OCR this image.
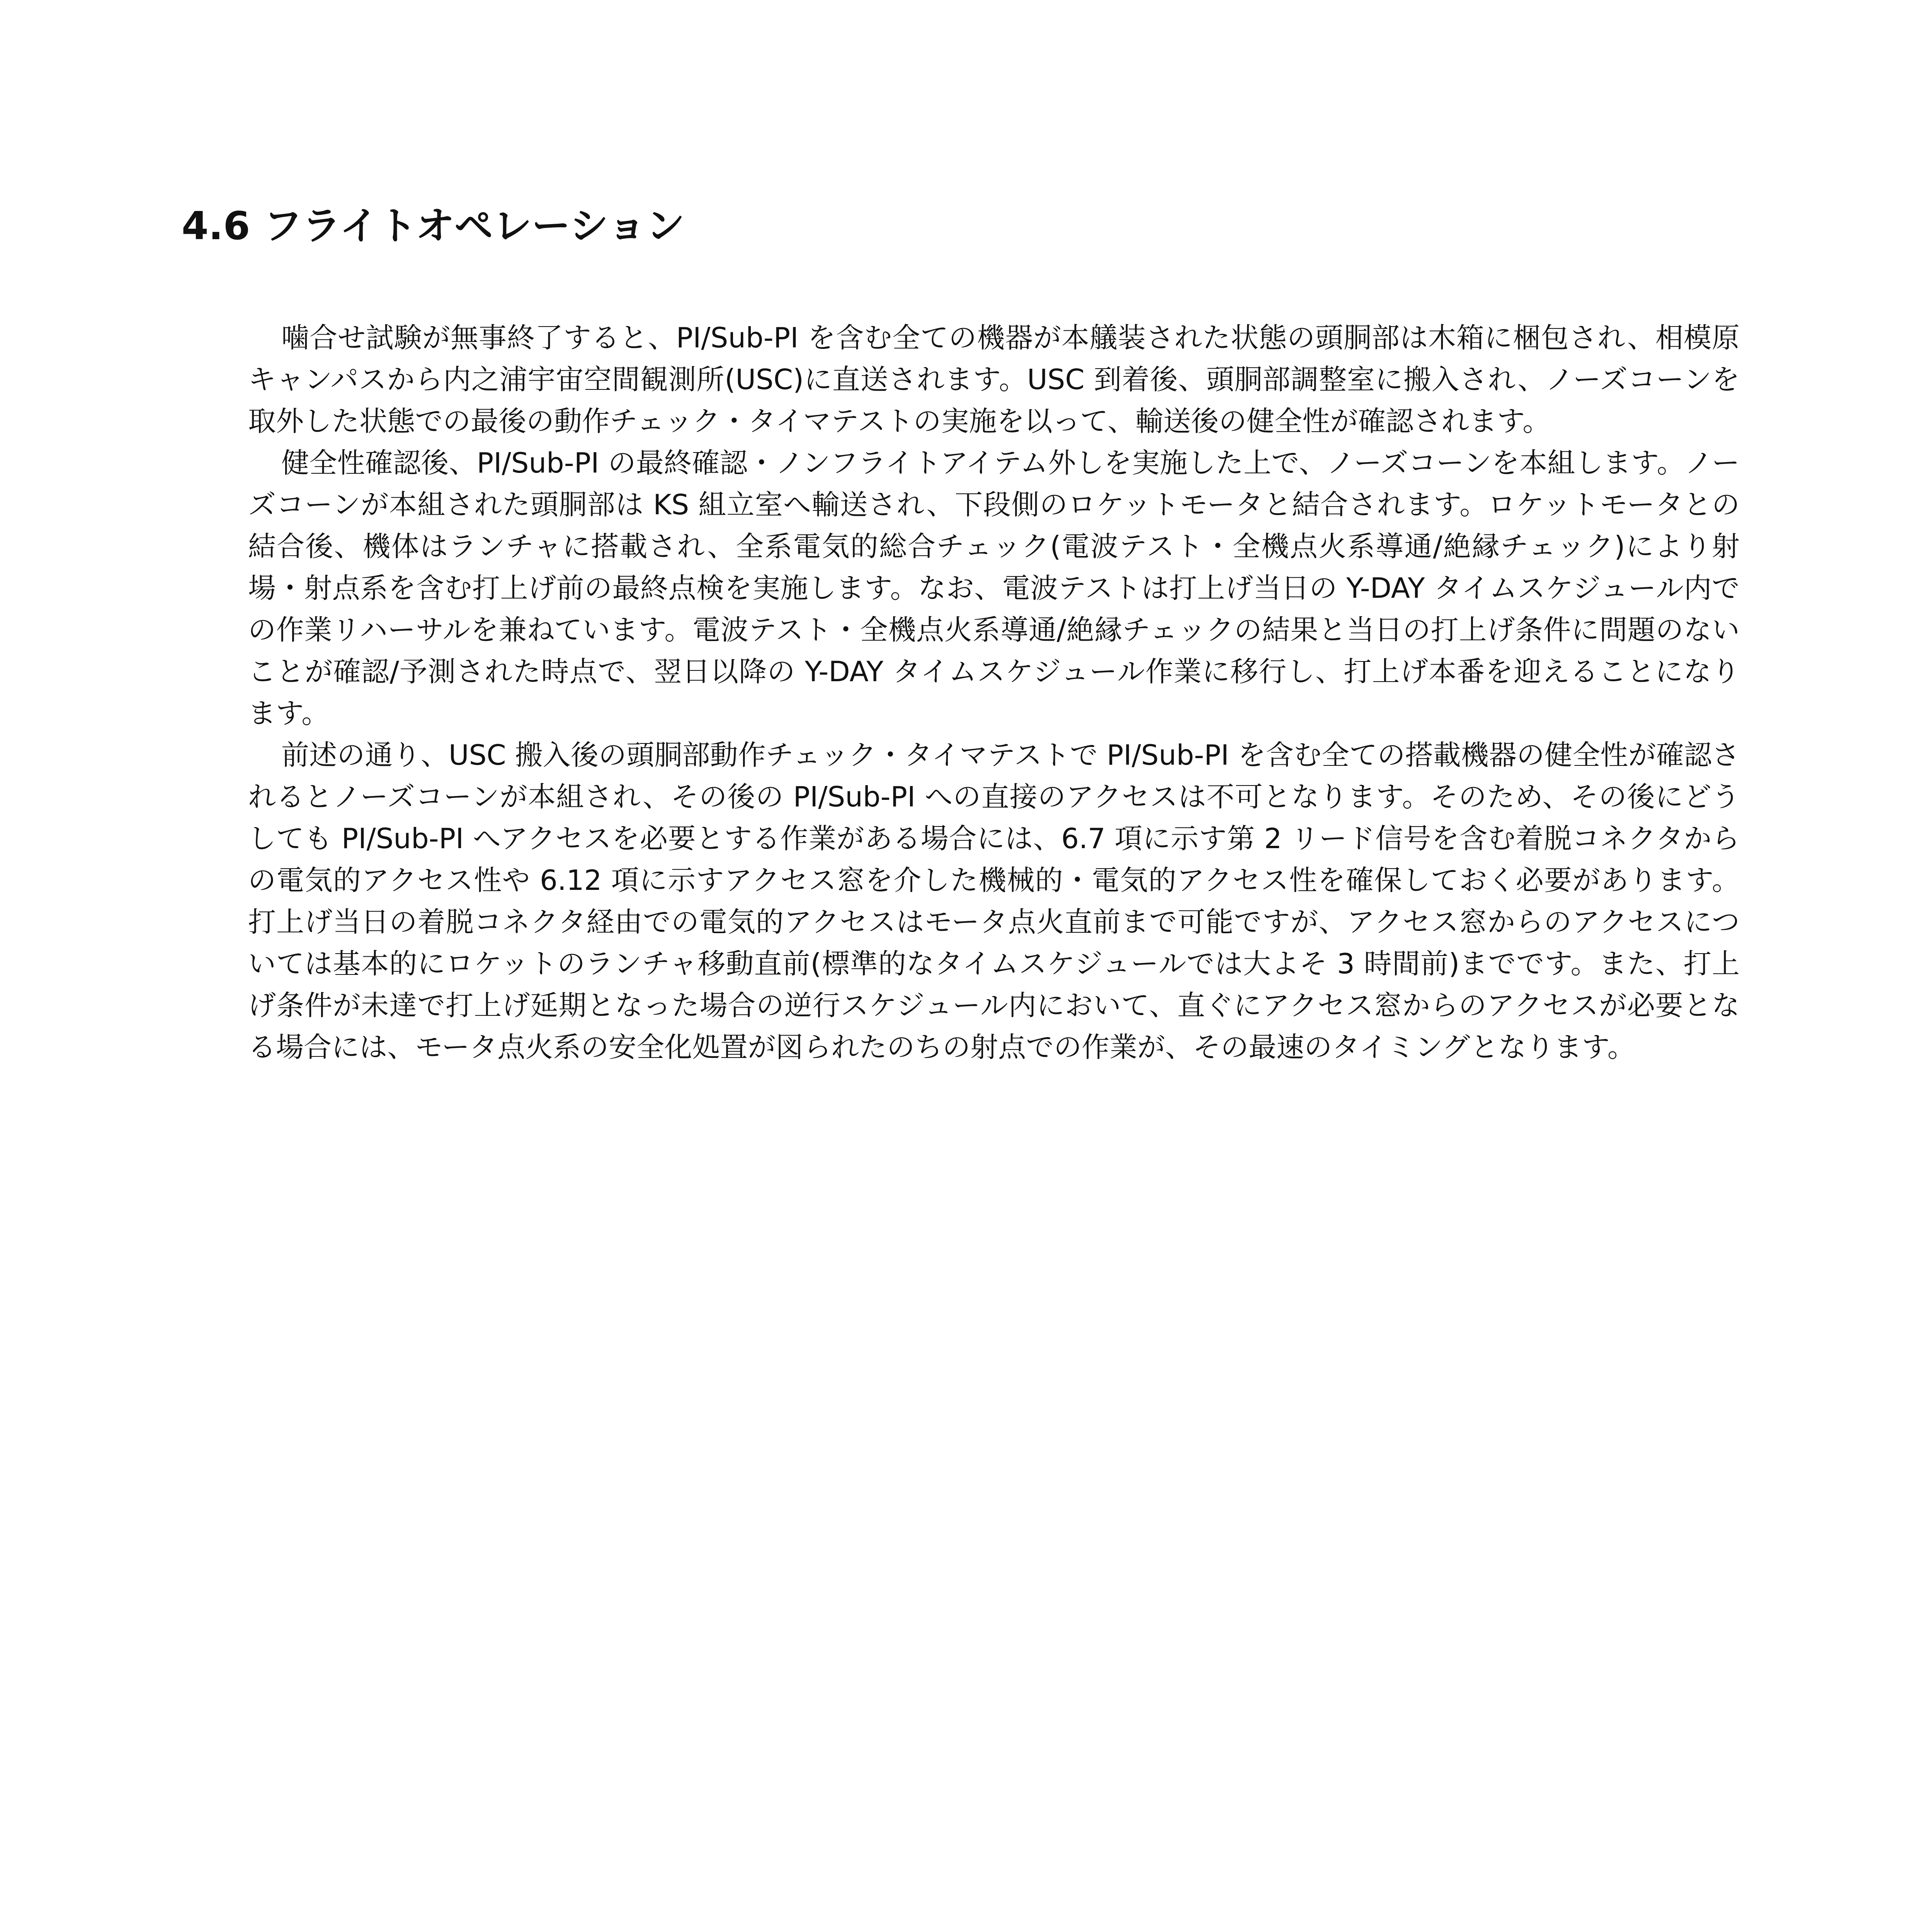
4.6 フライトオペレーション

噛合せ試験が無事終了すると、PI/Sub-PI を含む全ての機器が本艤装された状態の頭胴部は木箱に梱包され、相模原キャンパスから内之浦宇宙空間観測所(USC)に直送されます。USC 到着後、頭胴部調整室に搬入され、ノーズコーンを取外した状態での最後の動作チェック・タイマテストの実施を以って、輸送後の健全性が確認されます。

健全性確認後、PI/Sub-PI の最終確認・ノンフライトアイテム外しを実施した上で、ノーズコーンを本組します。ノーズコーンが本組された頭胴部は KS 組立室へ輸送され、下段側のロケットモータと結合されます。ロケットモータとの結合後、機体はランチャに搭載され、全系電気的総合チェック(電波テスト・全機点火系導通/絶縁チェック)により射場・射点系を含む打上げ前の最終点検を実施します。なお、電波テストは打上げ当日の Y-DAY タイムスケジュール内での作業リハーサルを兼ねています。電波テスト・全機点火系導通/絶縁チェックの結果と当日の打上げ条件に問題のないことが確認/予測された時点で、翌日以降の Y-DAY タイムスケジュール作業に移行し、打上げ本番を迎えることになります。

前述の通り、USC 搬入後の頭胴部動作チェック・タイマテストで PI/Sub-PI を含む全ての搭載機器の健全性が確認されるとノーズコーンが本組され、その後の PI/Sub-PI への直接のアクセスは不可となります。そのため、その後にどうしても PI/Sub-PI へアクセスを必要とする作業がある場合には、6.7 項に示す第 2 リード信号を含む着脱コネクタからの電気的アクセス性や 6.12 項に示すアクセス窓を介した機械的・電気的アクセス性を確保しておく必要があります。打上げ当日の着脱コネクタ経由での電気的アクセスはモータ点火直前まで可能ですが、アクセス窓からのアクセスについては基本的にロケットのランチャ移動直前(標準的なタイムスケジュールでは大よそ 3 時間前)までです。また、打上げ条件が未達で打上げ延期となった場合の逆行スケジュール内において、直ぐにアクセス窓からのアクセスが必要となる場合には、モータ点火系の安全化処置が図られたのちの射点での作業が、その最速のタイミングとなります。
